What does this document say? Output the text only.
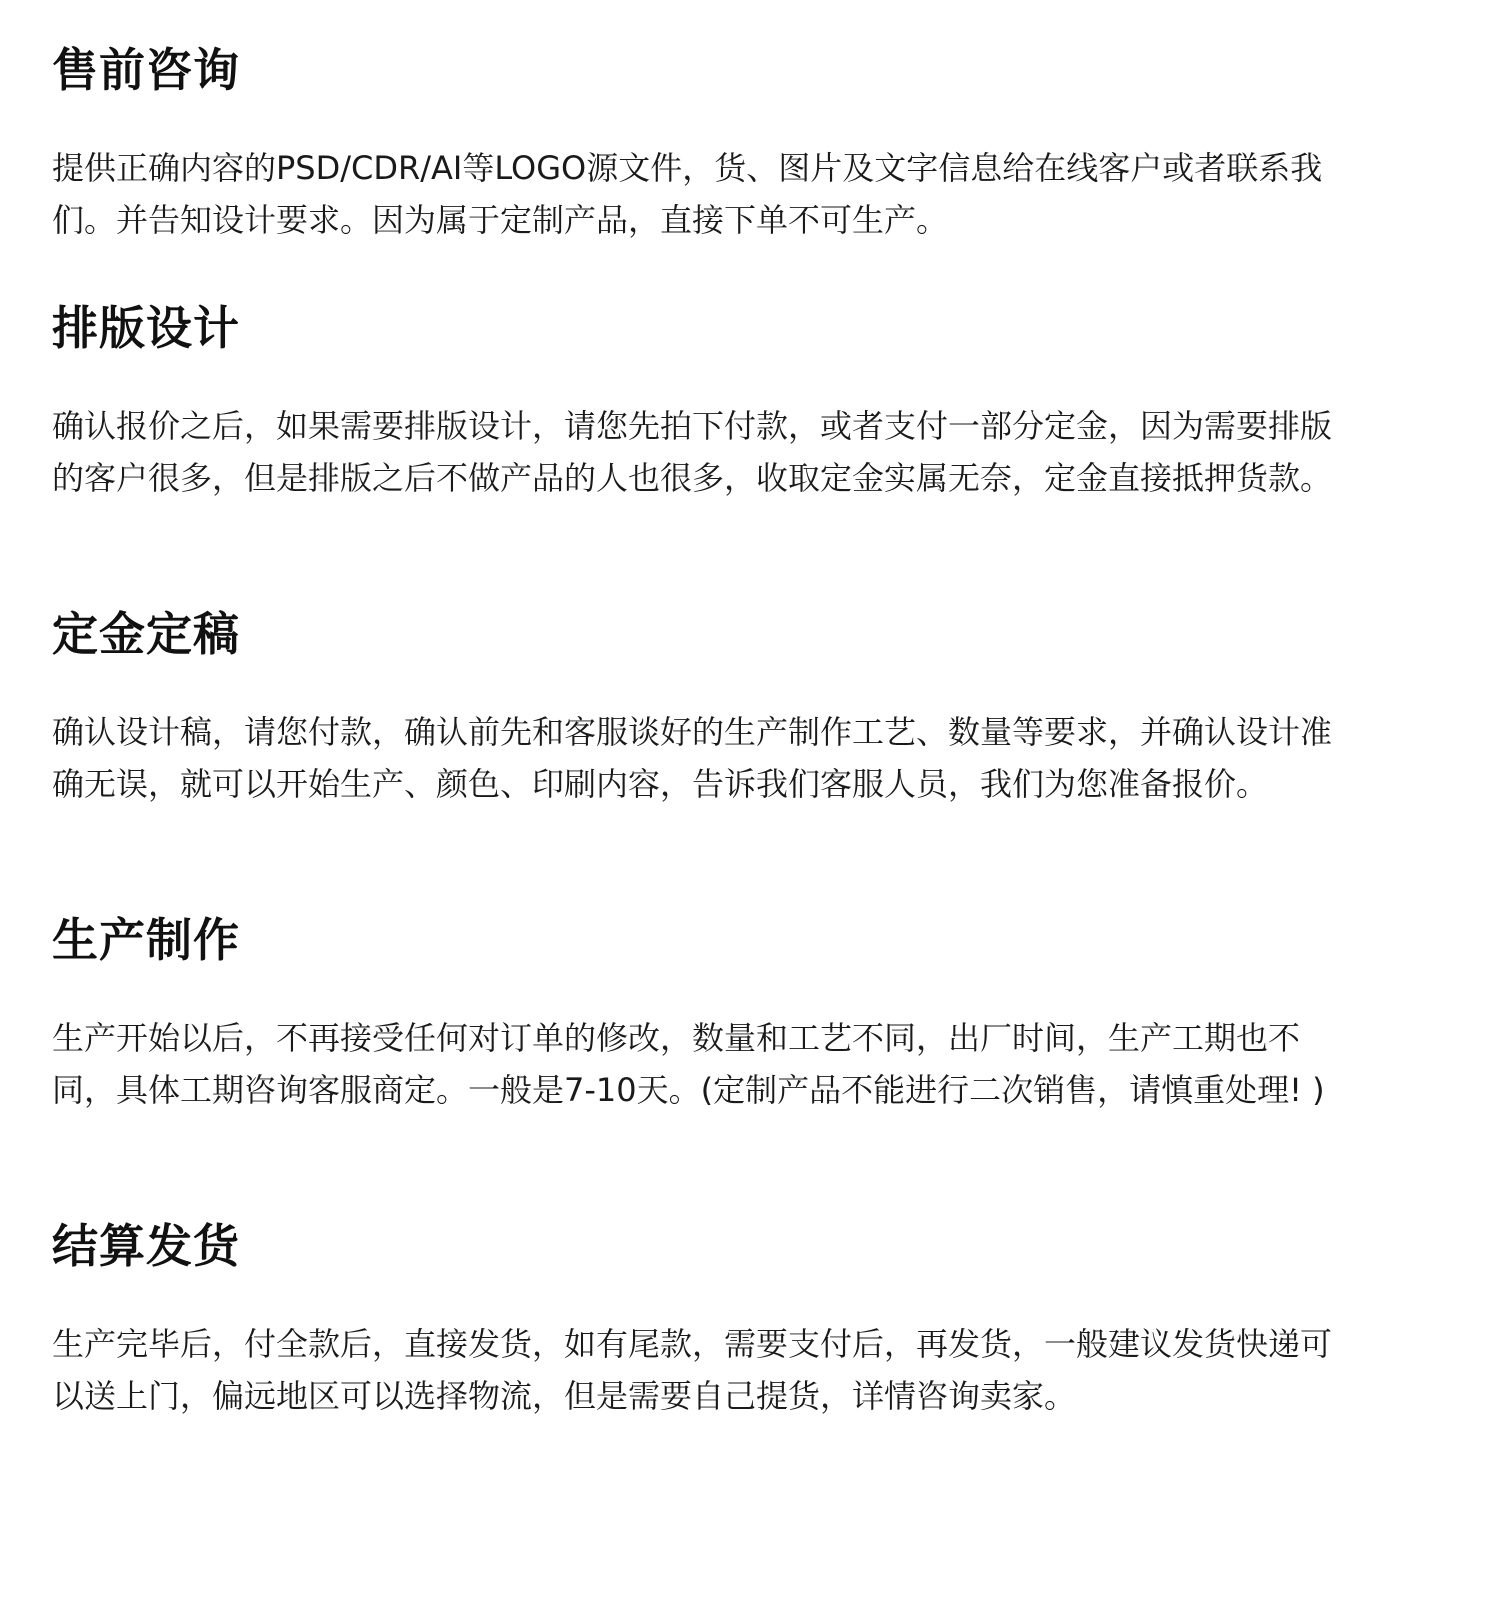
售前咨询

提供正确内容的PSD/CDR/AI等LOGO源文件，货、图片及文字信息给在线客户或者联系我们。并告知设计要求。因为属于定制产品，直接下单不可生产。

排版设计

确认报价之后，如果需要排版设计，请您先拍下付款，或者支付一部分定金，因为需要排版的客户很多，但是排版之后不做产品的人也很多，收取定金实属无奈，定金直接抵押货款。

定金定稿

确认设计稿，请您付款，确认前先和客服谈好的生产制作工艺、数量等要求，并确认设计准确无误，就可以开始生产、颜色、印刷内容，告诉我们客服人员，我们为您准备报价。

生产制作

生产开始以后，不再接受任何对订单的修改，数量和工艺不同，出厂时间，生产工期也不同，具体工期咨询客服商定。一般是7-10天。(定制产品不能进行二次销售，请慎重处理! )

结算发货

生产完毕后，付全款后，直接发货，如有尾款，需要支付后，再发货，一般建议发货快递可以送上门，偏远地区可以选择物流，但是需要自己提货，详情咨询卖家。
